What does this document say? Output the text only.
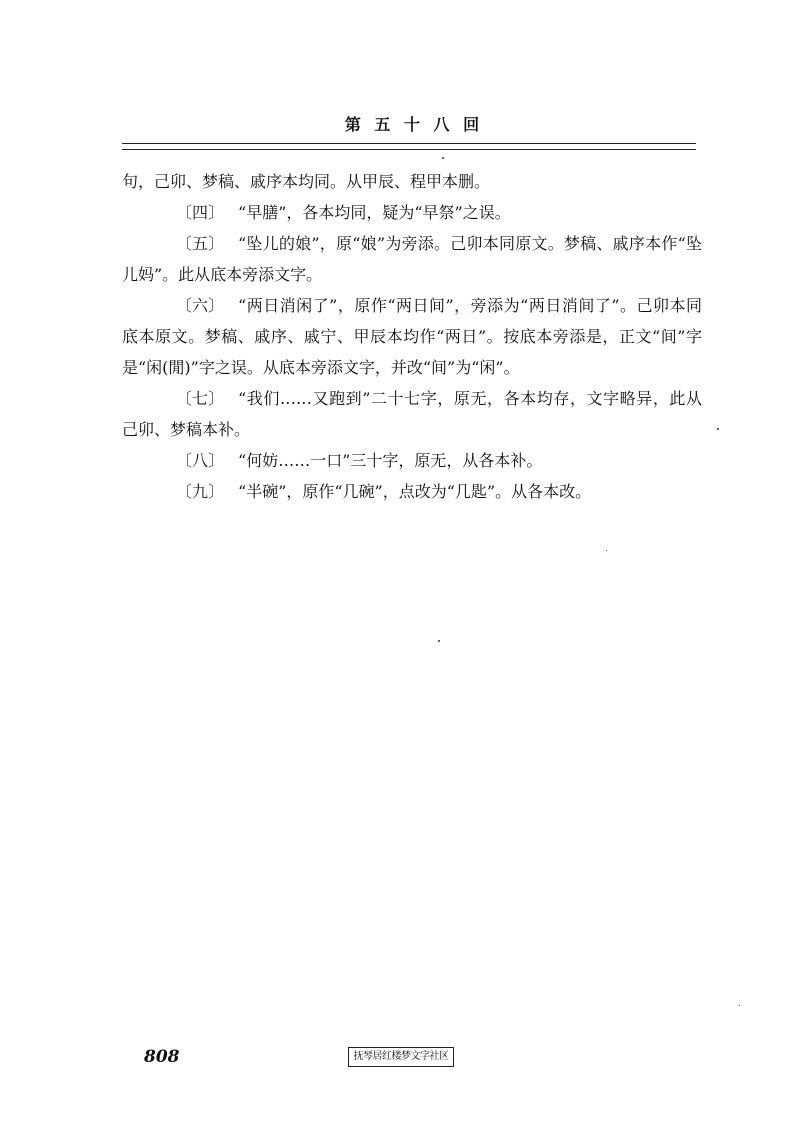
第 五 十 八 回

句，己卯、梦稿、戚序本均同。从甲辰、程甲本删。

〔四〕 “早膳”，各本均同，疑为“早祭”之误。

〔五〕 “坠儿的娘”，原“娘”为旁添。己卯本同原文。梦稿、戚序本作“坠儿妈”。此从底本旁添文字。

〔六〕 “两日消闲了”，原作“两日间”，旁添为“两日消间了”。己卯本同底本原文。梦稿、戚序、戚宁、甲辰本均作“两日”。按底本旁添是，正文“间”字是“闲(閒)”字之误。从底本旁添文字，并改“间”为“闲”。

〔七〕 “我们……又跑到”二十七字，原无，各本均存，文字略异，此从己卯、梦稿本补。

〔八〕 “何妨……一口”三十字，原无，从各本补。

〔九〕 “半碗”，原作“几碗”，点改为“几匙”。从各本改。

808	抚琴居红楼梦文字社区
